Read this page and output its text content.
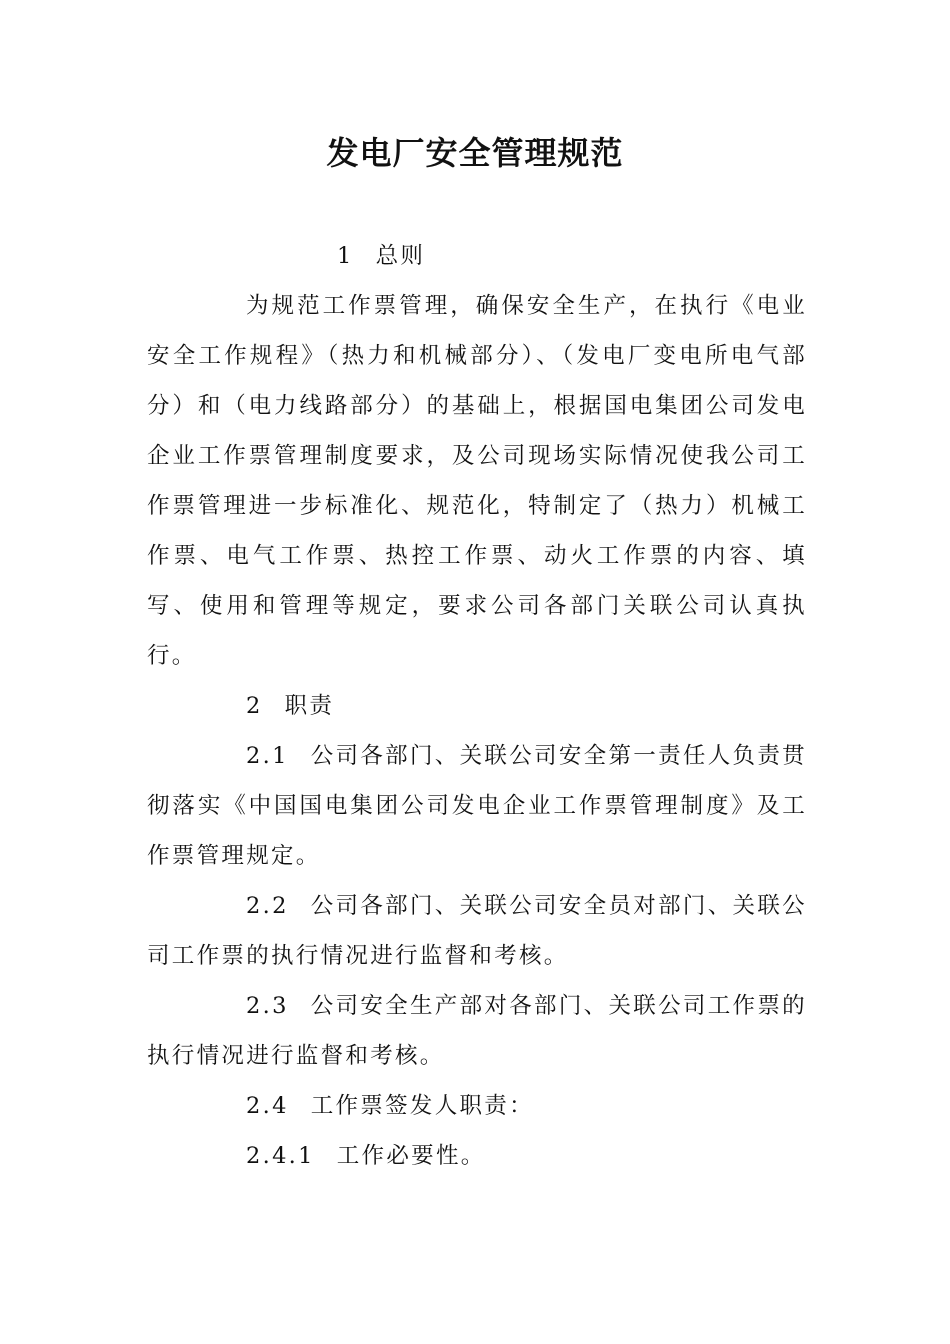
发电厂安全管理规范

1 总则

为规范工作票管理，确保安全生产，在执行《电业安全工作规程》（热力和机械部分）、（发电厂变电所电气部分）和（电力线路部分）的基础上，根据国电集团公司发电企业工作票管理制度要求，及公司现场实际情况使我公司工作票管理进一步标准化、规范化，特制定了（热力）机械工作票、电气工作票、热控工作票、动火工作票的内容、填写、使用和管理等规定，要求公司各部门关联公司认真执行。

2 职责

2.1 公司各部门、关联公司安全第一责任人负责贯彻落实《中国国电集团公司发电企业工作票管理制度》及工作票管理规定。

2.2 公司各部门、关联公司安全员对部门、关联公司工作票的执行情况进行监督和考核。

2.3 公司安全生产部对各部门、关联公司工作票的执行情况进行监督和考核。

2.4 工作票签发人职责：

2.4.1 工作必要性。
